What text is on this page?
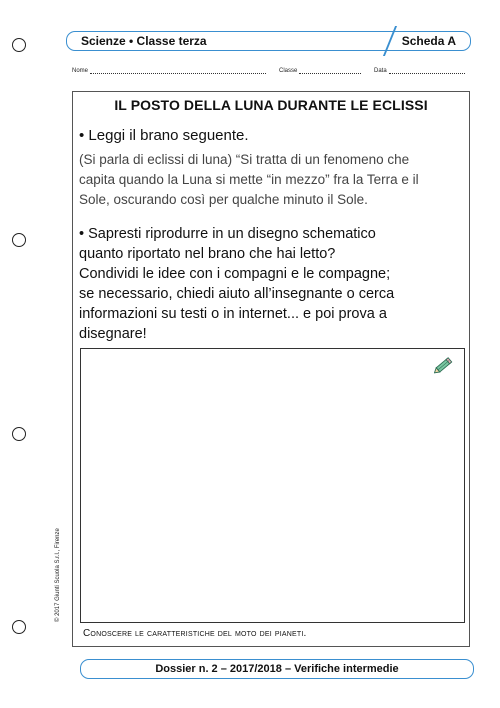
Scienze • Classe terza	Scheda A
Nome	Classe	Data
IL POSTO DELLA LUNA DURANTE LE ECLISSI

• Leggi il brano seguente.

(Si parla di eclissi di luna) “Si tratta di un fenomeno che

capita quando la Luna si mette “in mezzo” fra la Terra e il

Sole, oscurando così per qualche minuto il Sole.

• Sapresti riprodurre in un disegno schematico

quanto riportato nel brano che hai letto?

Condividi le idee con i compagni e le compagne;

se necessario, chiedi aiuto all’insegnante o cerca

informazioni su testi o in internet... e poi prova a

disegnare!

Conoscere le caratteristiche del moto dei pianeti.
© 2017 Giunti Scuola S.r.l., Firenze
Dossier n. 2 – 2017/2018 – Verifiche intermedie
